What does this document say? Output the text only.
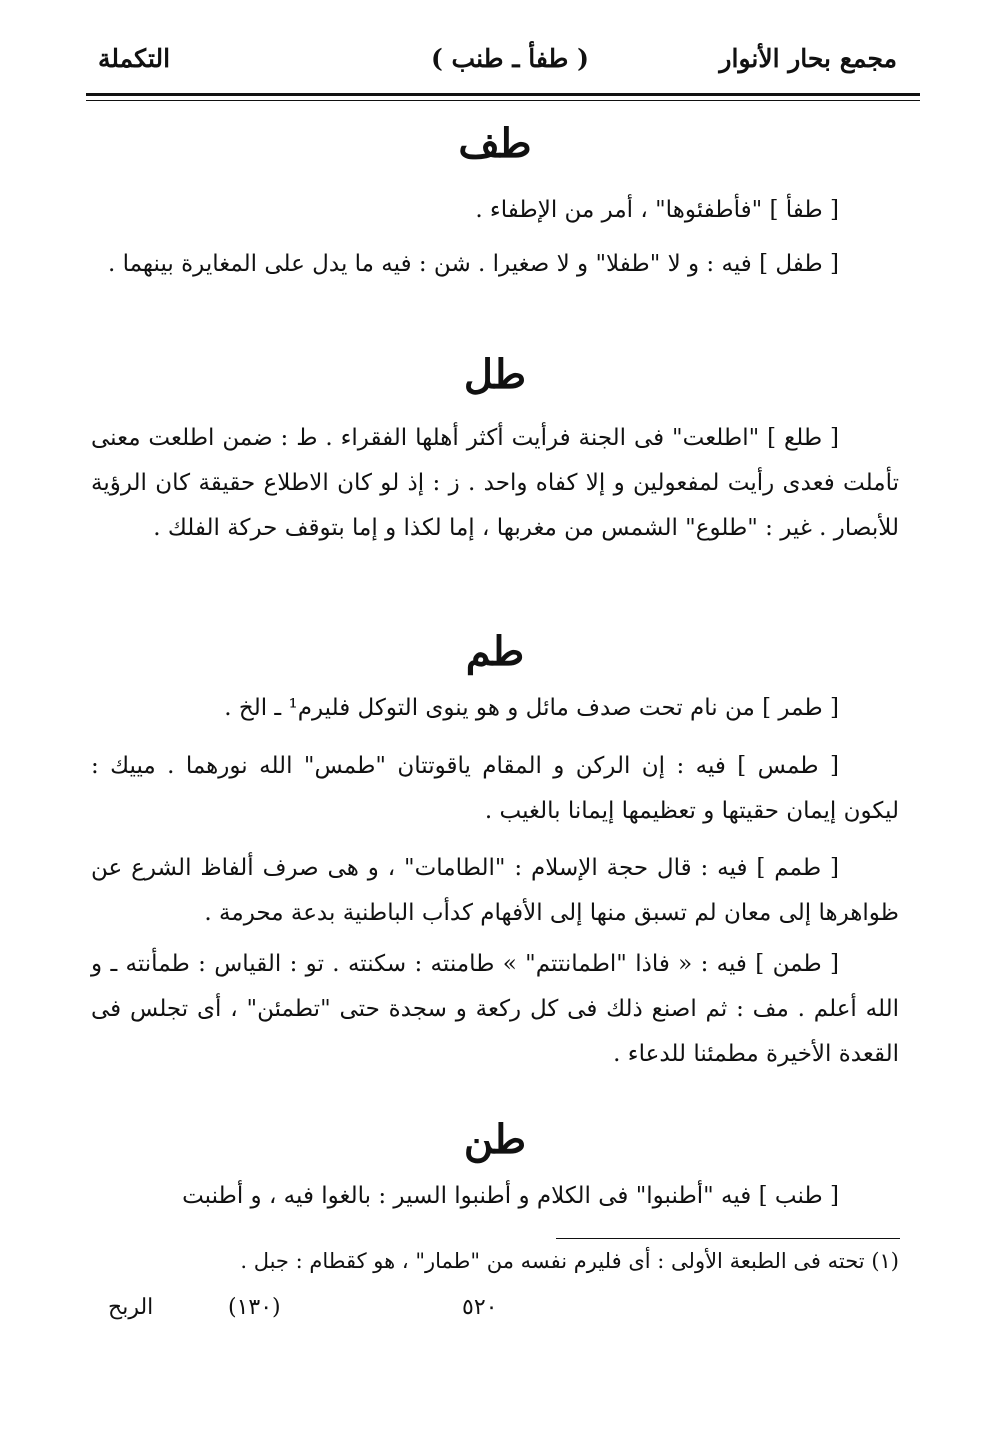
مجمع بحار الأنوار
( طفأ ـ طنب )
التكملة
طف

[ طفأ ] "فأطفئوها" ، أمر من الإطفاء .

[ طفل ] فيه : و لا "طفلا" و لا صغيرا . شن : فيه ما يدل على المغايرة بينهما .

طل

[ طلع ] "اطلعت" فى الجنة فرأيت أكثر أهلها الفقراء . ط : ضمن اطلعت معنى تأملت فعدى رأيت لمفعولين و إلا كفاه واحد . ز : إذ لو كان الاطلاع حقيقة كان الرؤية للأبصار . غير : "طلوع" الشمس من مغربها ، إما لكذا و إما بتوقف حركة الفلك .

طم

[ طمر ] من نام تحت صدف مائل و هو ينوى التوكل فليرم¹ ـ الخ .

[ طمس ] فيه : إن الركن و المقام ياقوتتان "طمس" الله نورهما . مييك : ليكون إيمان حقيتها و تعظيمها إيمانا بالغيب .

[ طمم ] فيه : قال حجة الإسلام : "الطامات" ، و هى صرف ألفاظ الشرع عن ظواهرها إلى معان لم تسبق منها إلى الأفهام كدأب الباطنية بدعة محرمة .

[ طمن ] فيه : « فاذا "اطمانتتم" » طامنته : سكنته . تو : القياس : طمأنته ـ و الله أعلم . مف : ثم اصنع ذلك فى كل ركعة و سجدة حتى "تطمئن" ، أى تجلس فى القعدة الأخيرة مطمئنا للدعاء .

طن

[ طنب ] فيه "أطنبوا" فى الكلام و أطنبوا السير : بالغوا فيه ، و أطنبت

(١) تحته فى الطبعة الأولى : أى فليرم نفسه من "طمار" ، هو كقطام : جبل .
الربح	(١٣٠)	٥٢٠
